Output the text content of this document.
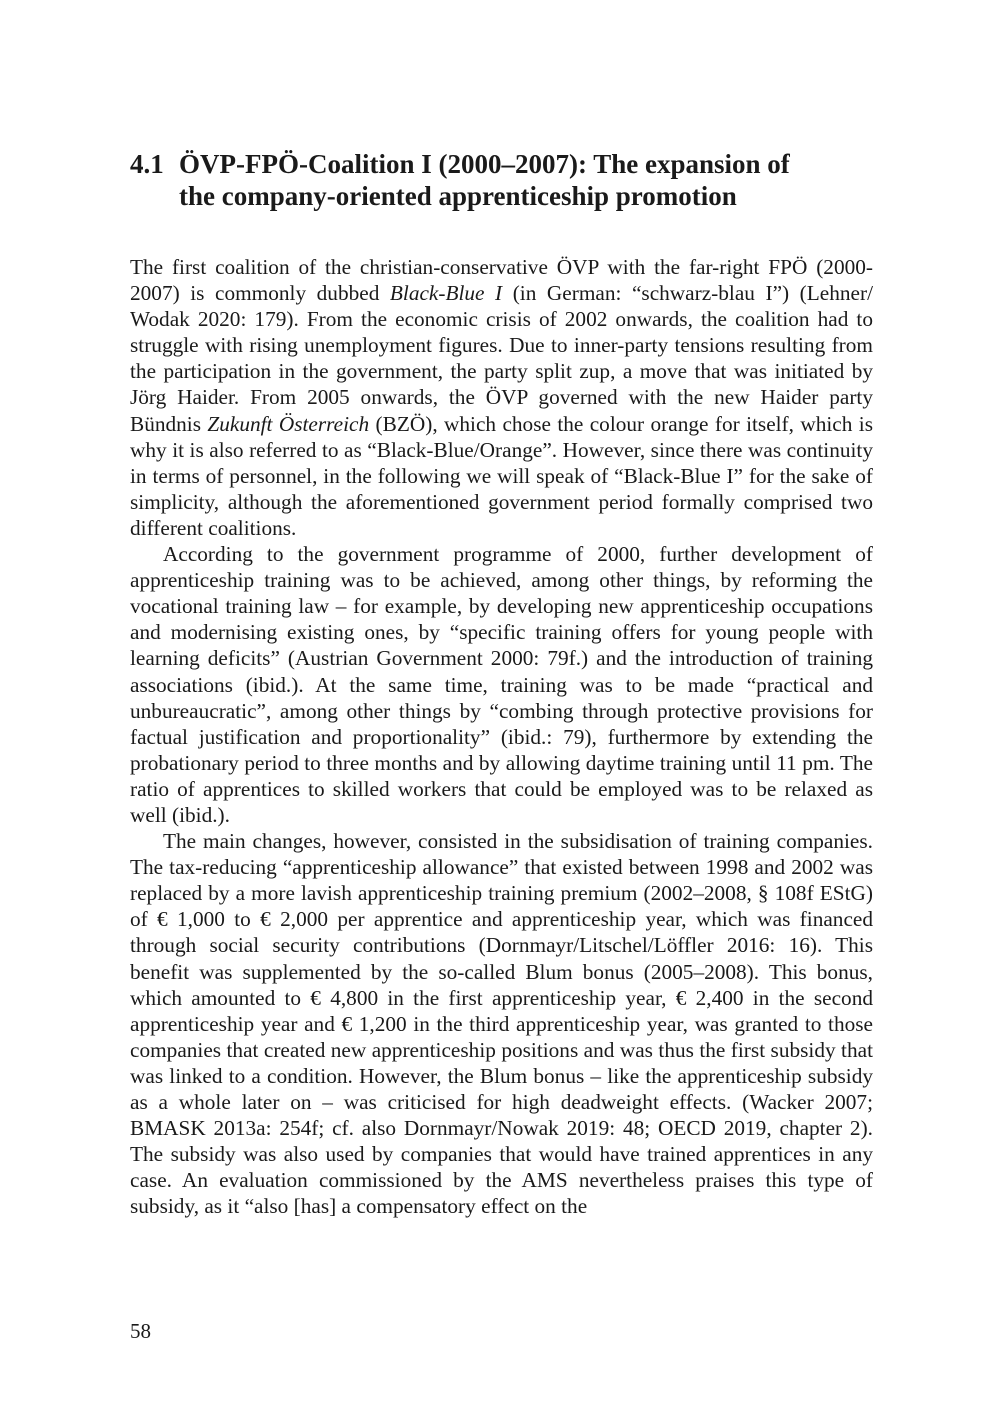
4.1 ÖVP-FPÖ-Coalition I (2000–2007): The expansion of
the company-oriented apprenticeship promotion

The first coalition of the christian-conservative ÖVP with the far-right FPÖ (2000-2007) is commonly dubbed Black-Blue I (in German: “schwarz-blau I”) (Lehner/ Wodak 2020: 179). From the economic crisis of 2002 onwards, the coalition had to struggle with rising unemployment figures. Due to inner-party tensions resulting from the participation in the government, the party split zup, a move that was initiated by Jörg Haider. From 2005 onwards, the ÖVP governed with the new Haider party Bündnis Zukunft Österreich (BZÖ), which chose the colour orange for itself, which is why it is also referred to as “Black-Blue/Orange”. However, since there was continuity in terms of personnel, in the following we will speak of “Black-Blue I” for the sake of simplicity, although the aforementioned government period formally comprised two different coalitions.

According to the government programme of 2000, further development of apprenticeship training was to be achieved, among other things, by reforming the vocational training law – for example, by developing new apprenticeship occupations and modernising existing ones, by “specific training offers for young people with learning deficits” (Austrian Government 2000: 79f.) and the introduction of training associations (ibid.). At the same time, training was to be made “practical and unbureaucratic”, among other things by “combing through protective provisions for factual justification and proportionality” (ibid.: 79), furthermore by extending the probationary period to three months and by allowing daytime training until 11 pm. The ratio of apprentices to skilled workers that could be employed was to be relaxed as well (ibid.).

The main changes, however, consisted in the subsidisation of training companies. The tax-reducing “apprenticeship allowance” that existed between 1998 and 2002 was replaced by a more lavish apprenticeship training premium (2002–2008, § 108f EStG) of € 1,000 to € 2,000 per apprentice and apprenticeship year, which was financed through social security contributions (Dornmayr/Litschel/Löffler 2016: 16). This benefit was supplemented by the so-called Blum bonus (2005–2008). This bonus, which amounted to € 4,800 in the first apprenticeship year, € 2,400 in the second apprenticeship year and € 1,200 in the third apprenticeship year, was granted to those companies that created new apprenticeship positions and was thus the first subsidy that was linked to a condition. However, the Blum bonus – like the apprenticeship subsidy as a whole later on – was criticised for high deadweight effects. (Wacker 2007; BMASK 2013a: 254f; cf. also Dornmayr/Nowak 2019: 48; OECD 2019, chapter 2). The subsidy was also used by companies that would have trained apprentices in any case. An evaluation commissioned by the AMS nevertheless praises this type of subsidy, as it “also [has] a compensatory effect on the

58
